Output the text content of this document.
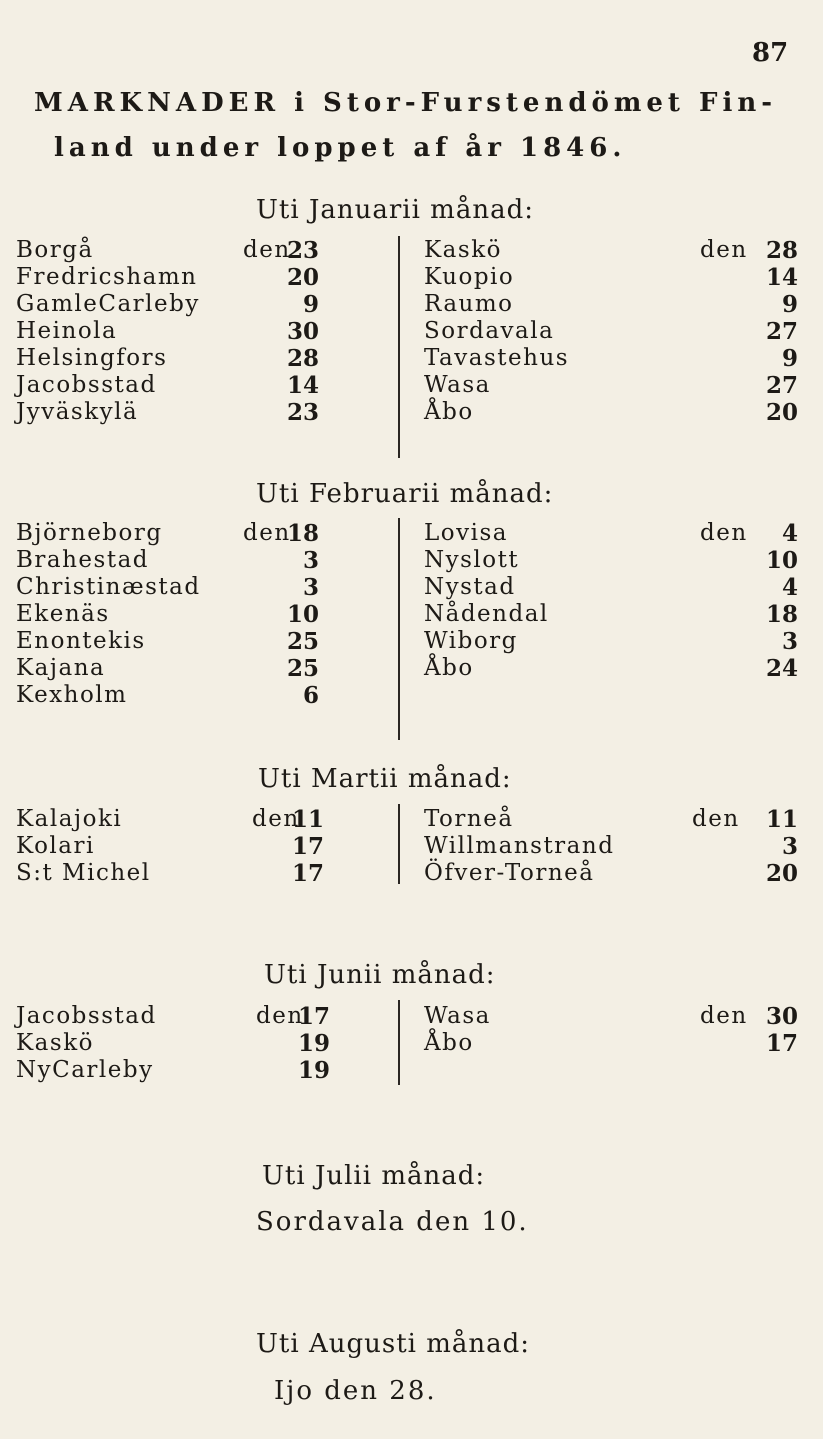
87
MARKNADER i Stor-Furstendömet Fin-
land under loppet af år 1846.
Uti Januarii månad:
Borgå
Fredricshamn
GamleCarleby
Heinola
Helsingfors
Jacobsstad
Jyväskylä
den
23
20
9
30
28
14
23
Kaskö
Kuopio
Raumo
Sordavala
Tavastehus
Wasa
Åbo
den 28
14
9
27
9
27
20
Uti Februarii månad:
Björneborg
Brahestad
Christinæstad
Ekenäs
Enontekis
Kajana
Kexholm
den
18
3
3
10
25
25
6
Lovisa
Nyslott
Nystad
Nådendal
Wiborg
Åbo
den	4
10
4
18
3
24
Uti Martii månad:
Kalajoki
Kolari
S:t Michel
den
11
17
17
Torneå
Willmanstrand
Öfver-Torneå
den 11
3
20
Uti Junii månad:
Jacobsstad
Kaskö
NyCarleby
den
17
19
19
Wasa
Åbo
den 30
17
Uti Julii månad:
Sordavala den 10.
Uti Augusti månad:
Ijo den 28.
